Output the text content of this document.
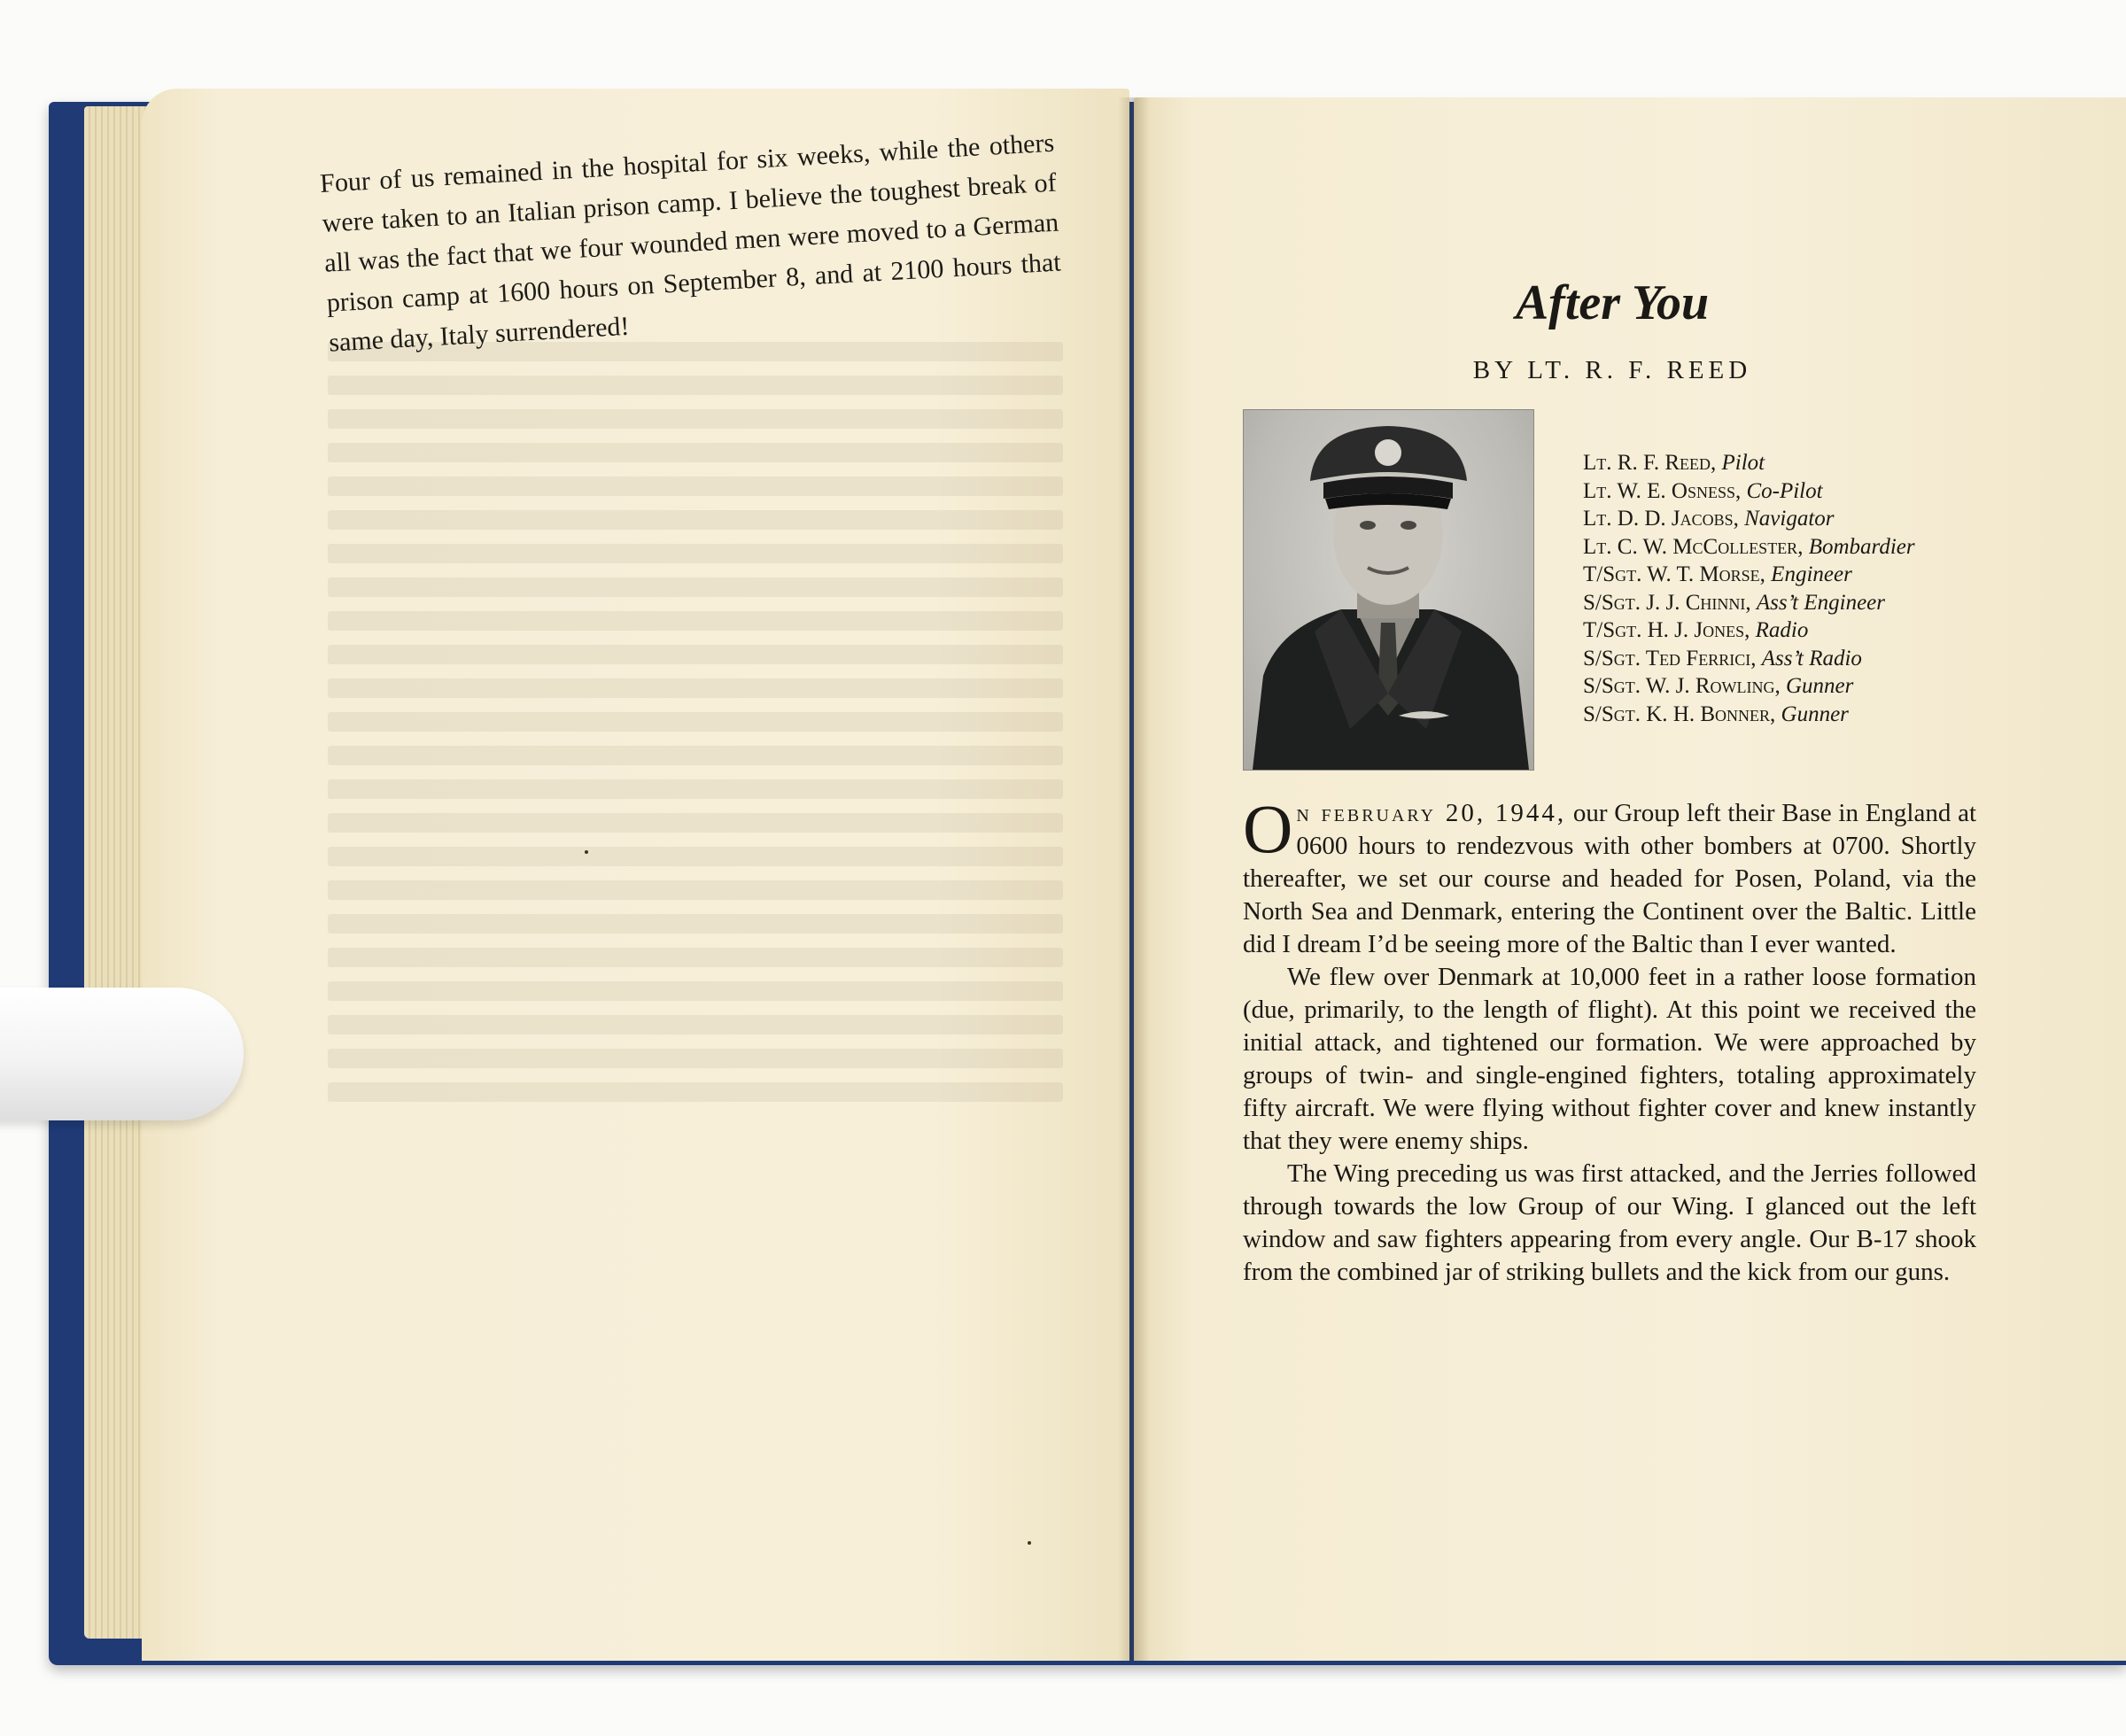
Four of us remained in the hospital for six weeks, while the others were taken to an Italian prison camp. I believe the toughest break of all was the fact that we four wounded men were moved to a German prison camp at 1600 hours on September 8, and at 2100 hours that same day, Italy surrendered!

After You
BY LT. R. F. REED
Lt. R. F. Reed, Pilot
Lt. W. E. Osness, Co-Pilot
Lt. D. D. Jacobs, Navigator
Lt. C. W. McCollester, Bombardier
T/Sgt. W. T. Morse, Engineer
S/Sgt. J. J. Chinni, Ass’t Engineer
T/Sgt. H. J. Jones, Radio
S/Sgt. Ted Ferrici, Ass’t Radio
S/Sgt. W. J. Rowling, Gunner
S/Sgt. K. H. Bonner, Gunner

On february 20, 1944, our Group left their Base in England at 0600 hours to rendezvous with other bombers at 0700. Shortly thereafter, we set our course and headed for Posen, Poland, via the North Sea and Denmark, entering the Continent over the Baltic. Little did I dream I’d be seeing more of the Baltic than I ever wanted.

We flew over Denmark at 10,000 feet in a rather loose formation (due, primarily, to the length of flight). At this point we received the initial attack, and tightened our formation. We were approached by groups of twin- and single-engined fighters, totaling approximately fifty aircraft. We were flying without fighter cover and knew instantly that they were enemy ships.

The Wing preceding us was first attacked, and the Jerries followed through towards the low Group of our Wing. I glanced out the left window and saw fighters appearing from every angle. Our B-17 shook from the combined jar of striking bullets and the kick from our guns.
